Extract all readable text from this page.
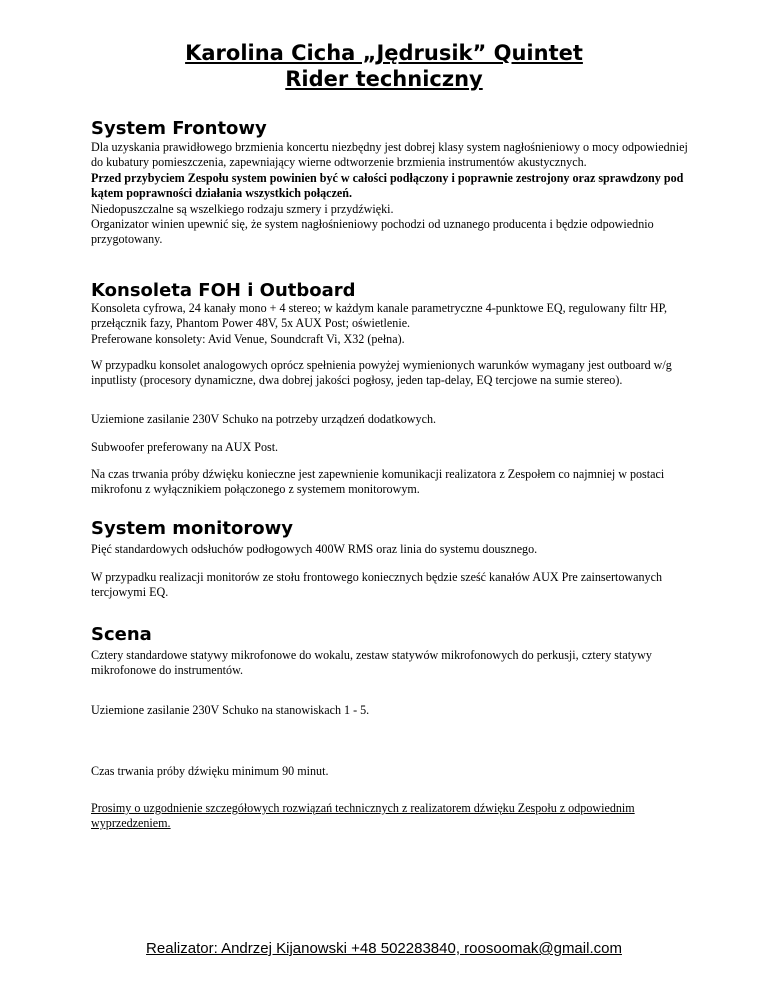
Karolina Cicha „Jędrusik” Quintet
Rider techniczny
System Frontowy
Dla uzyskania prawidłowego brzmienia koncertu niezbędny jest dobrej klasy system nagłośnieniowy o mocy odpowiedniej do kubatury pomieszczenia, zapewniający wierne odtworzenie brzmienia instrumentów akustycznych.
Przed przybyciem Zespołu system powinien być w całości podłączony i poprawnie zestrojony oraz sprawdzony pod kątem poprawności działania wszystkich połączeń.
Niedopuszczalne są wszelkiego rodzaju szmery i przydźwięki.
Organizator winien upewnić się, że system nagłośnieniowy pochodzi od uznanego producenta i będzie odpowiednio przygotowany.
Konsoleta FOH i Outboard
Konsoleta cyfrowa, 24 kanały mono + 4 stereo; w każdym kanale parametryczne 4-punktowe EQ, regulowany filtr HP, przełącznik fazy, Phantom Power 48V, 5x AUX Post; oświetlenie.
Preferowane konsolety: Avid Venue, Soundcraft Vi, X32 (pełna).

W przypadku konsolet analogowych oprócz spełnienia powyżej wymienionych warunków wymagany jest outboard w/g inputlisty (procesory dynamiczne, dwa dobrej jakości pogłosy, jeden tap-delay, EQ tercjowe na sumie stereo).

Uziemione zasilanie 230V Schuko na potrzeby urządzeń dodatkowych.

Subwoofer preferowany na AUX Post.

Na czas trwania próby dźwięku konieczne jest zapewnienie komunikacji realizatora z Zespołem co najmniej w postaci mikrofonu z wyłącznikiem połączonego z systemem monitorowym.

System monitorowy

Pięć standardowych odsłuchów podłogowych 400W RMS oraz linia do systemu dousznego.

W przypadku realizacji monitorów ze stołu frontowego koniecznych będzie sześć kanałów AUX Pre zainsertowanych tercjowymi EQ.

Scena

Cztery standardowe statywy mikrofonowe do wokalu, zestaw statywów mikrofonowych do perkusji, cztery statywy mikrofonowe do instrumentów.

Uziemione zasilanie 230V Schuko na stanowiskach 1 - 5.

Czas trwania próby dźwięku minimum 90 minut.

Prosimy o uzgodnienie szczegółowych rozwiązań technicznych z realizatorem dźwięku Zespołu z odpowiednim wyprzedzeniem.

Realizator: Andrzej Kijanowski +48 502283840, roosoomak@gmail.com
